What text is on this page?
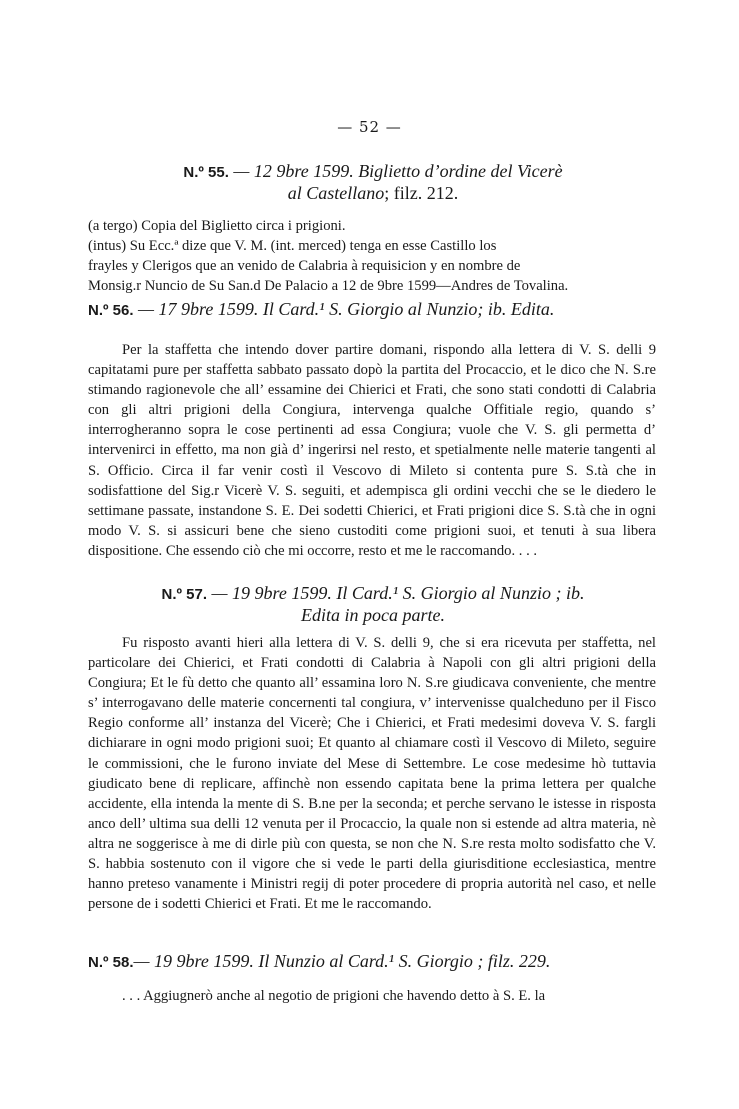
— 52 —
N.º 55. — 12 9bre 1599. Biglietto d’ordine del Vicerè
al Castellano; filz. 212.
(a tergo) Copia del Biglietto circa i prigioni.
(intus) Su Ecc.ª dize que V. M. (int. merced) tenga en esse Castillo los
frayles y Clerigos que an venido de Calabria à requisicion y en nombre de
Monsig.r Nuncio de Su San.d De Palacio a 12 de 9bre 1599—Andres de Tovalina.
N.º 56. — 17 9bre 1599. Il Card.¹ S. Giorgio al Nunzio; ib. Edita.

Per la staffetta che intendo dover partire domani, rispondo alla lettera di V. S. delli 9 capitatami pure per staffetta sabbato passato dopò la partita del Procaccio, et le dico che N. S.re stimando ragionevole che all’ essamine dei Chierici et Frati, che sono stati condotti di Calabria con gli altri prigioni della Congiura, intervenga qualche Offitiale regio, quando s’ interrogheranno sopra le cose pertinenti ad essa Congiura; vuole che V. S. gli permetta d’ intervenirci in effetto, ma non già d’ ingerirsi nel resto, et spetialmente nelle materie tangenti al S. Officio. Circa il far venir costì il Vescovo di Mileto si contenta pure S. S.tà che in sodisfattione del Sig.r Vicerè V. S. seguiti, et adempisca gli ordini vecchi che se le diedero le settimane passate, instandone S. E. Dei sodetti Chierici, et Frati prigioni dice S. S.tà che in ogni modo V. S. si assicuri bene che sieno custoditi come prigioni suoi, et tenuti à sua libera dispositione. Che essendo ciò che mi occorre, resto et me le raccomando. . . .

N.º 57. — 19 9bre 1599. Il Card.¹ S. Giorgio al Nunzio ; ib.
Edita in poca parte.

Fu risposto avanti hieri alla lettera di V. S. delli 9, che si era ricevuta per staffetta, nel particolare dei Chierici, et Frati condotti di Calabria à Napoli con gli altri prigioni della Congiura; Et le fù detto che quanto all’ essamina loro N. S.re giudicava conveniente, che mentre s’ interrogavano delle materie concernenti tal congiura, v’ intervenisse qualcheduno per il Fisco Regio conforme all’ instanza del Vicerè; Che i Chierici, et Frati medesimi doveva V. S. fargli dichiarare in ogni modo prigioni suoi; Et quanto al chiamare costì il Vescovo di Mileto, seguire le commissioni, che le furono inviate del Mese di Settembre. Le cose medesime hò tuttavia giudicato bene di replicare, affinchè non essendo capitata bene la prima lettera per qualche accidente, ella intenda la mente di S. B.ne per la seconda; et perche servano le istesse in risposta anco dell’ ultima sua delli 12 venuta per il Procaccio, la quale non si estende ad altra materia, nè altra ne soggerisce à me di dirle più con questa, se non che N. S.re resta molto sodisfatto che V. S. habbia sostenuto con il vigore che si vede le parti della giurisditione ecclesiastica, mentre hanno preteso vanamente i Ministri regij di poter procedere di propria autorità nel caso, et nelle persone de i sodetti Chierici et Frati. Et me le raccomando.

N.º 58.— 19 9bre 1599. Il Nunzio al Card.¹ S. Giorgio ; filz. 229.

. . . Aggiugnerò anche al negotio de prigioni che havendo detto à S. E. la
